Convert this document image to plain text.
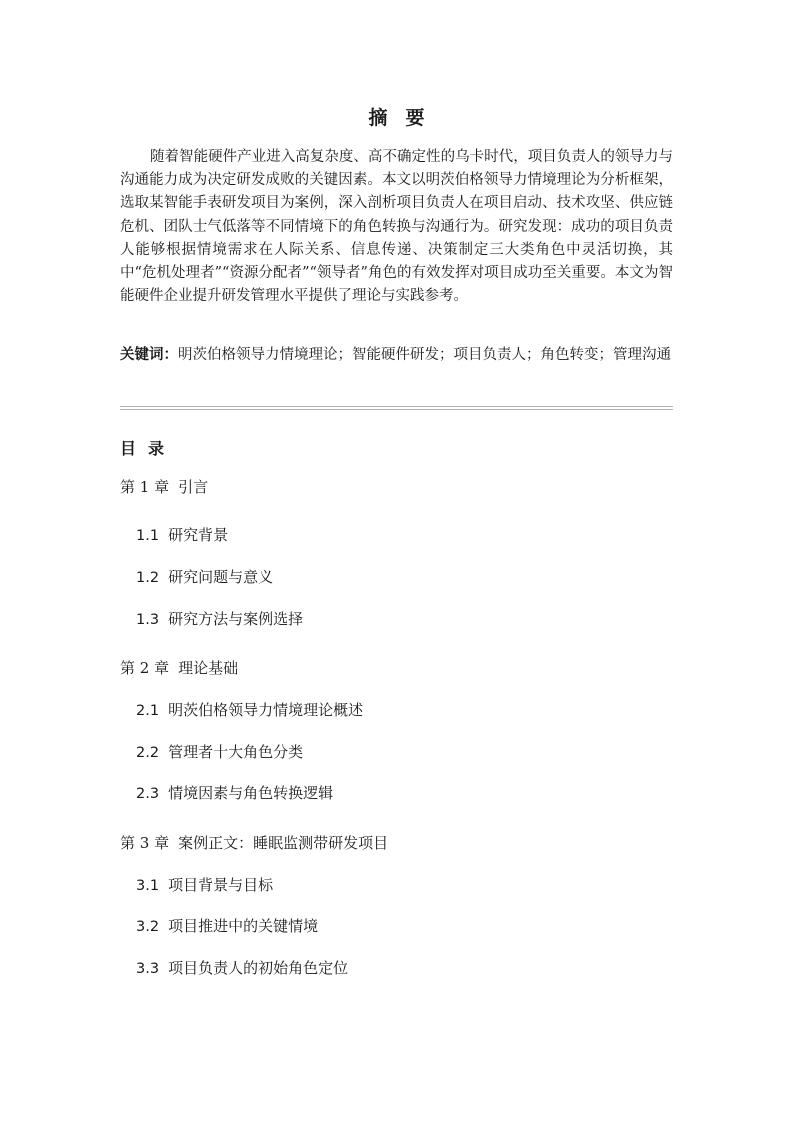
摘要

随着智能硬件产业进入高复杂度、高不确定性的乌卡时代，项目负责人的领导力与沟通能力成为决定研发成败的关键因素。本文以明茨伯格领导力情境理论为分析框架，选取某智能手表研发项目为案例，深入剖析项目负责人在项目启动、技术攻坚、供应链危机、团队士气低落等不同情境下的角色转换与沟通行为。研究发现：成功的项目负责人能够根据情境需求在人际关系、信息传递、决策制定三大类角色中灵活切换，其中“危机处理者”“资源分配者”“领导者”角色的有效发挥对项目成功至关重要。本文为智能硬件企业提升研发管理水平提供了理论与实践参考。

关键词：明茨伯格领导力情境理论；智能硬件研发；项目负责人；角色转变；管理沟通

目录
第 1 章 引言
1.1 研究背景
1.2 研究问题与意义
1.3 研究方法与案例选择
第 2 章 理论基础
2.1 明茨伯格领导力情境理论概述
2.2 管理者十大角色分类
2.3 情境因素与角色转换逻辑
第 3 章 案例正文：睡眠监测带研发项目
3.1 项目背景与目标
3.2 项目推进中的关键情境
3.3 项目负责人的初始角色定位
